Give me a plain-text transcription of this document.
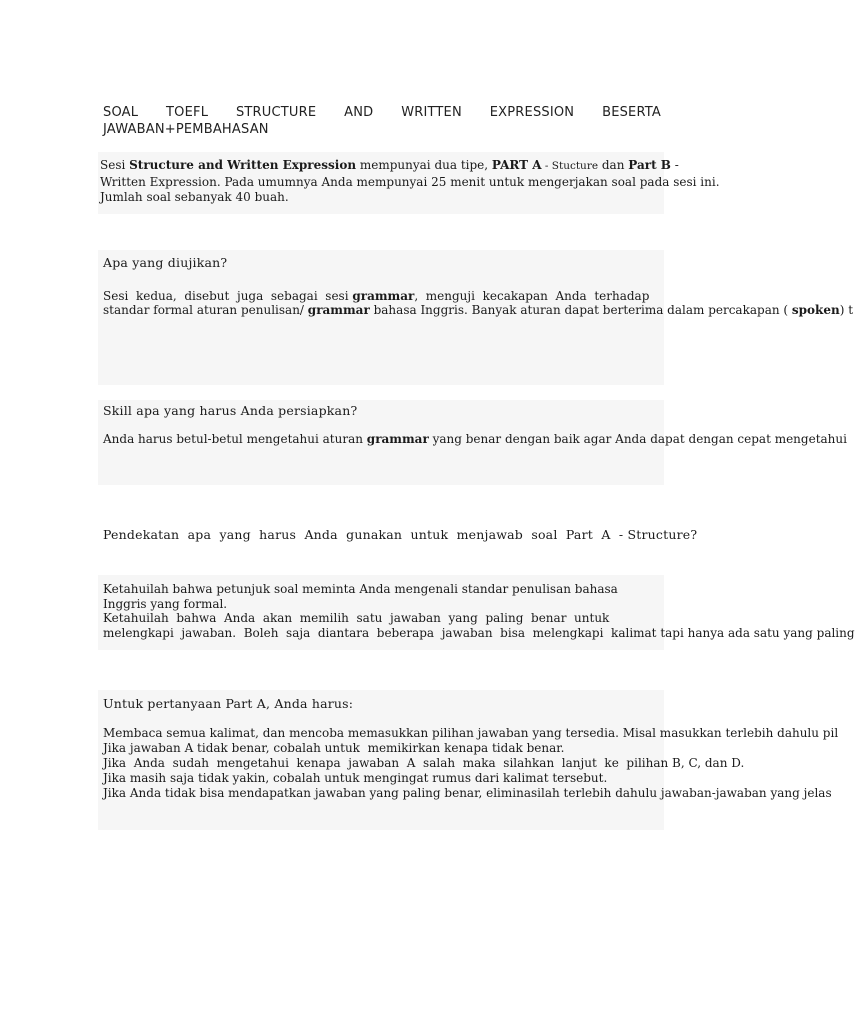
SOAL TOEFL STRUCTURE AND WRITTEN EXPRESSION BESERTA
JAWABAN+PEMBAHASAN
Sesi Structure and Written Expression mempunyai dua tipe, PART A - Stucture dan Part B -
Written Expression. Pada umumnya Anda mempunyai 25 menit untuk mengerjakan soal pada sesi ini.
Jumlah soal sebanyak 40 buah.
Apa yang diujikan?
Sesi  kedua,  disebut  juga  sebagai  sesi grammar,  menguji  kecakapan  Anda  terhadap
standar formal aturan penulisan/ grammar bahasa Inggris. Banyak aturan dapat berterima dalam percakapan ( spoken) t
Skill apa yang harus Anda persiapkan?
Anda harus betul-betul mengetahui aturan grammar yang benar dengan baik agar Anda dapat dengan cepat mengetahui
Pendekatan  apa  yang  harus  Anda  gunakan  untuk  menjawab  soal  Part  A  - Structure?
Ketahuilah bahwa petunjuk soal meminta Anda mengenali standar penulisan bahasa
Inggris yang formal.
Ketahuilah  bahwa  Anda  akan  memilih  satu  jawaban  yang  paling  benar  untuk
melengkapi  jawaban.  Boleh  saja  diantara  beberapa  jawaban  bisa  melengkapi  kalimat tapi hanya ada satu yang paling
Untuk pertanyaan Part A, Anda harus:
Membaca semua kalimat, dan mencoba memasukkan pilihan jawaban yang tersedia. Misal masukkan terlebih dahulu pil
Jika jawaban A tidak benar, cobalah untuk  memikirkan kenapa tidak benar.
Jika  Anda  sudah  mengetahui  kenapa  jawaban  A  salah  maka  silahkan  lanjut  ke  pilihan B, C, dan D.
Jika masih saja tidak yakin, cobalah untuk mengingat rumus dari kalimat tersebut.
Jika Anda tidak bisa mendapatkan jawaban yang paling benar, eliminasilah terlebih dahulu jawaban-jawaban yang jelas
